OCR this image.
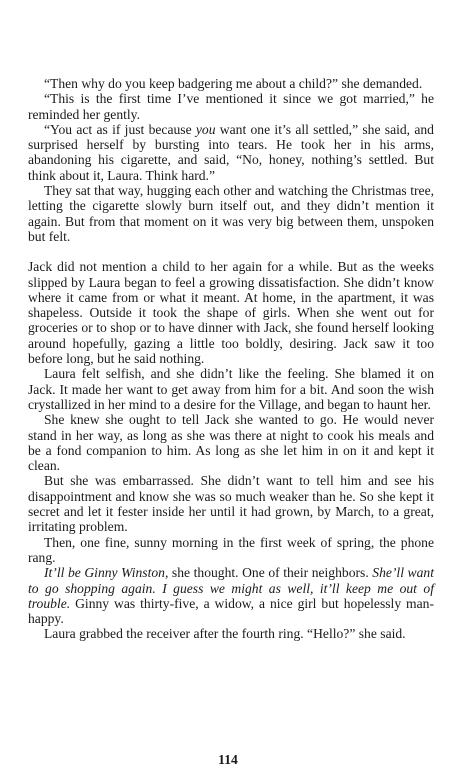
“Then why do you keep badgering me about a child?” she demanded.

“This is the first time I’ve mentioned it since we got married,” he reminded her gently.

“You act as if just because you want one it’s all settled,” she said, and surprised herself by bursting into tears. He took her in his arms, abandoning his cigarette, and said, “No, honey, nothing’s settled. But think about it, Laura. Think hard.”

They sat that way, hugging each other and watching the Christmas tree, letting the cigarette slowly burn itself out, and they didn’t mention it again. But from that moment on it was very big between them, unspoken but felt.

Jack did not mention a child to her again for a while. But as the weeks slipped by Laura began to feel a growing dissatisfaction. She didn’t know where it came from or what it meant. At home, in the apartment, it was shapeless. Outside it took the shape of girls. When she went out for groceries or to shop or to have dinner with Jack, she found herself looking around hopefully, gazing a little too boldly, desiring. Jack saw it too before long, but he said nothing.

Laura felt selfish, and she didn’t like the feeling. She blamed it on Jack. It made her want to get away from him for a bit. And soon the wish crystallized in her mind to a desire for the Village, and began to haunt her.

She knew she ought to tell Jack she wanted to go. He would never stand in her way, as long as she was there at night to cook his meals and be a fond companion to him. As long as she let him in on it and kept it clean.

But she was embarrassed. She didn’t want to tell him and see his disappointment and know she was so much weaker than he. So she kept it secret and let it fester inside her until it had grown, by March, to a great, irritating problem.

Then, one fine, sunny morning in the first week of spring, the phone rang.

It’ll be Ginny Winston, she thought. One of their neighbors. She’ll want to go shopping again. I guess we might as well, it’ll keep me out of trouble. Ginny was thirty-five, a widow, a nice girl but hopelessly man-happy.

Laura grabbed the receiver after the fourth ring. “Hello?” she said.

114
